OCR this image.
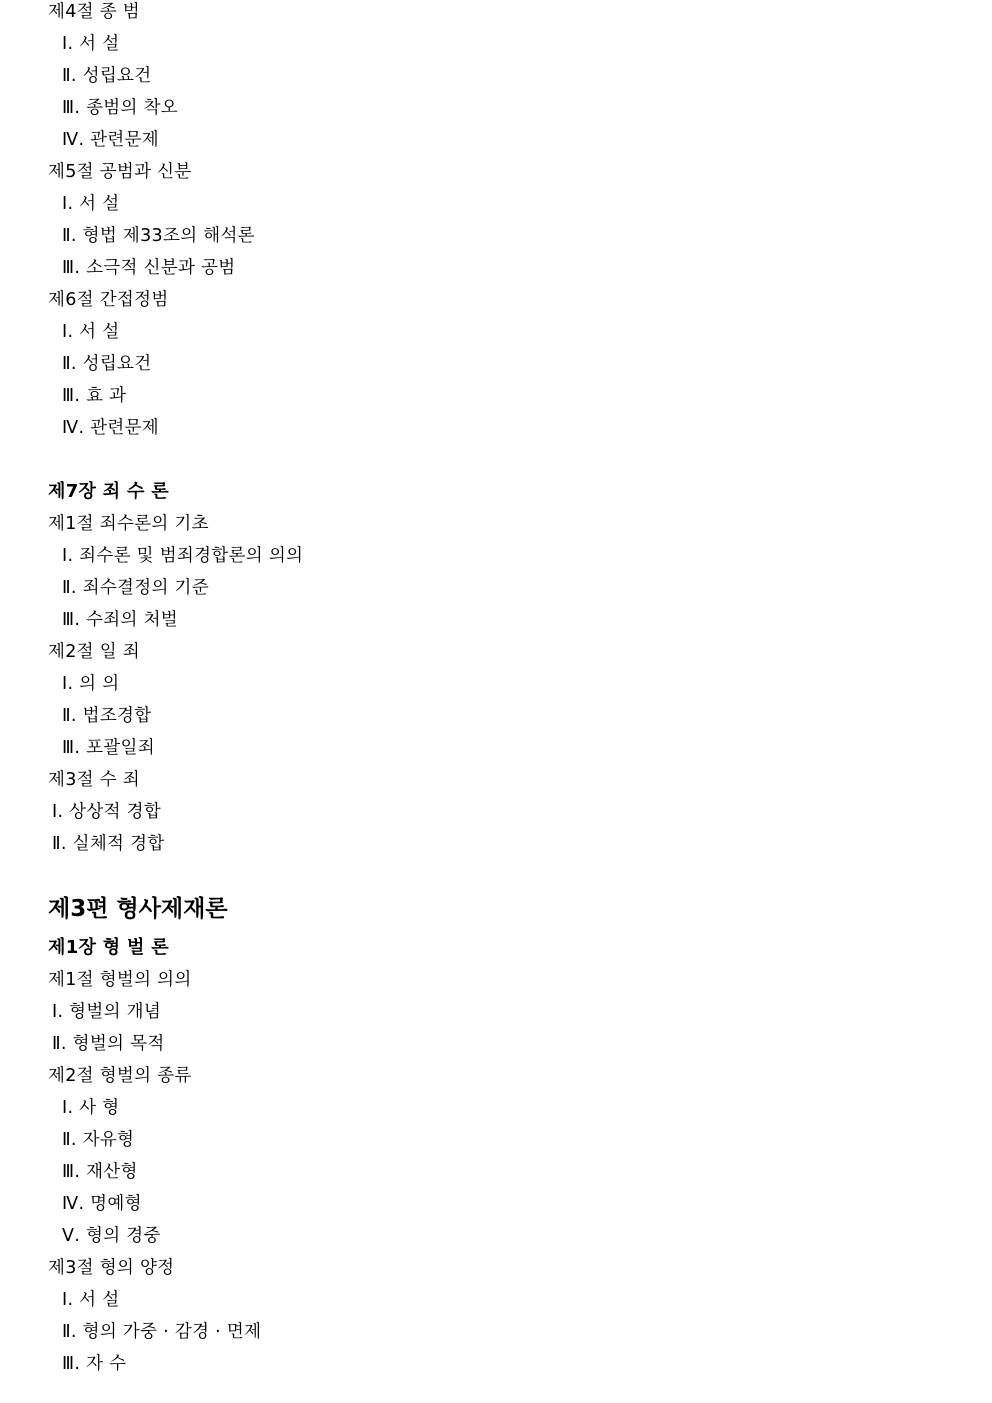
제4절 종 범
Ⅰ. 서 설
Ⅱ. 성립요건
Ⅲ. 종범의 착오
Ⅳ. 관련문제
제5절 공범과 신분
Ⅰ. 서 설
Ⅱ. 형법 제33조의 해석론
Ⅲ. 소극적 신분과 공범
제6절 간접정범
Ⅰ. 서 설
Ⅱ. 성립요건
Ⅲ. 효 과
Ⅳ. 관련문제
제7장 죄 수 론
제1절 죄수론의 기초
Ⅰ. 죄수론 및 범죄경합론의 의의
Ⅱ. 죄수결정의 기준
Ⅲ. 수죄의 처벌
제2절 일 죄
Ⅰ. 의 의
Ⅱ. 법조경합
Ⅲ. 포괄일죄
제3절 수 죄
Ⅰ. 상상적 경합
Ⅱ. 실체적 경합
제3편 형사제재론
제1장 형 벌 론
제1절 형벌의 의의
Ⅰ. 형벌의 개념
Ⅱ. 형벌의 목적
제2절 형벌의 종류
Ⅰ. 사 형
Ⅱ. 자유형
Ⅲ. 재산형
Ⅳ. 명예형
Ⅴ. 형의 경중
제3절 형의 양정
Ⅰ. 서 설
Ⅱ. 형의 가중 · 감경 · 면제
Ⅲ. 자 수
